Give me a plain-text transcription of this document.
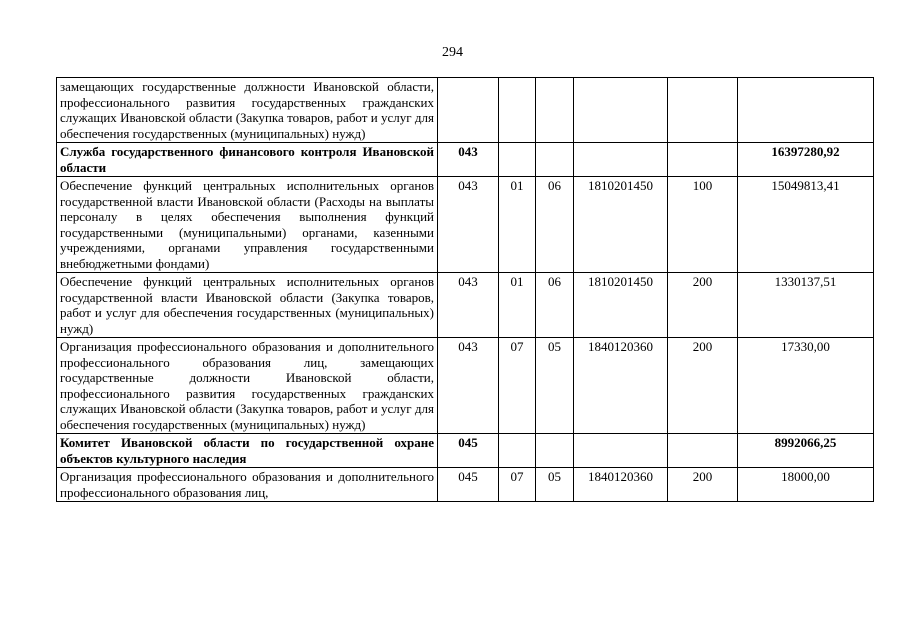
294
замещающих государственные должности Ивановской области, профессионального развития государственных гражданских служащих Ивановской области (Закупка товаров, работ и услуг для обеспечения государственных (муниципальных) нужд)						
Служба государственного финансового контроля Ивановской области	043					16397280,92
Обеспечение функций центральных исполнительных органов государственной власти Ивановской области (Расходы на выплаты персоналу в целях обеспечения выполнения функций государственными (муниципальными) органами, казенными учреждениями, органами управления государственными внебюджетными фондами)	043	01	06	1810201450	100	15049813,41
Обеспечение функций центральных исполнительных органов государственной власти Ивановской области (Закупка товаров, работ и услуг для обеспечения государственных (муниципальных) нужд)	043	01	06	1810201450	200	1330137,51
Организация профессионального образования и дополнительного профессионального образования лиц, замещающих государственные должности Ивановской области, профессионального развития государственных гражданских служащих Ивановской области (Закупка товаров, работ и услуг для обеспечения государственных (муниципальных) нужд)	043	07	05	1840120360	200	17330,00
Комитет Ивановской области по государственной охране объектов культурного наследия	045					8992066,25
Организация профессионального образования и дополнительного профессионального образования лиц,	045	07	05	1840120360	200	18000,00
